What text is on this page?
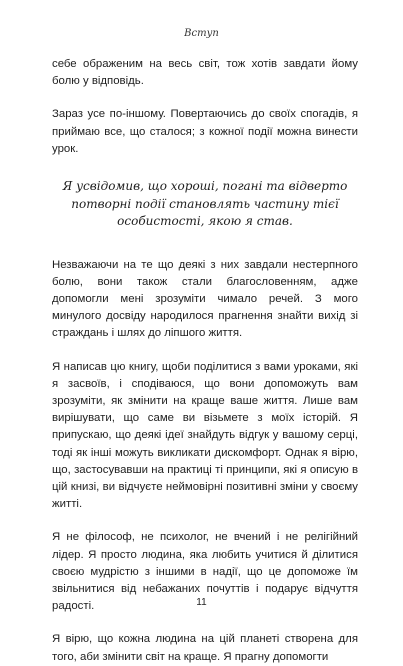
Вступ

себе ображеним на весь світ, тож хотів завдати йому болю у відповідь.

Зараз усе по-іншому. Повертаючись до своїх спогадів, я приймаю все, що сталося; з кожної події можна винести урок.

Я усвідомив, що хороші, погані та відверто потворні події становлять частину тієї особистості, якою я став.

Незважаючи на те що деякі з них завдали нестерпного болю, вони також стали благословенням, адже допомогли мені зрозуміти чимало речей. З мого минулого досвіду народилося прагнення знайти вихід зі страждань і шлях до ліпшого життя.

Я написав цю книгу, щоби поділитися з вами уроками, які я засвоїв, і сподіваюся, що вони допоможуть вам зрозуміти, як змінити на краще ваше життя. Лише вам вирішувати, що саме ви візьмете з моїх історій. Я припускаю, що деякі ідеї знайдуть відгук у вашому серці, тоді як інші можуть викликати дискомфорт. Однак я вірю, що, застосувавши на практиці ті принципи, які я описую в цій книзі, ви відчуєте неймовірні позитивні зміни у своєму житті.

Я не філософ, не психолог, не вчений і не релігійний лідер. Я просто людина, яка любить учитися й ділитися своєю мудрістю з іншими в надії, що це допоможе їм звільнитися від небажаних почуттів і подарує відчуття радості.

Я вірю, що кожна людина на цій планеті створена для того, аби змінити світ на краще. Я прагну допомогти

11
